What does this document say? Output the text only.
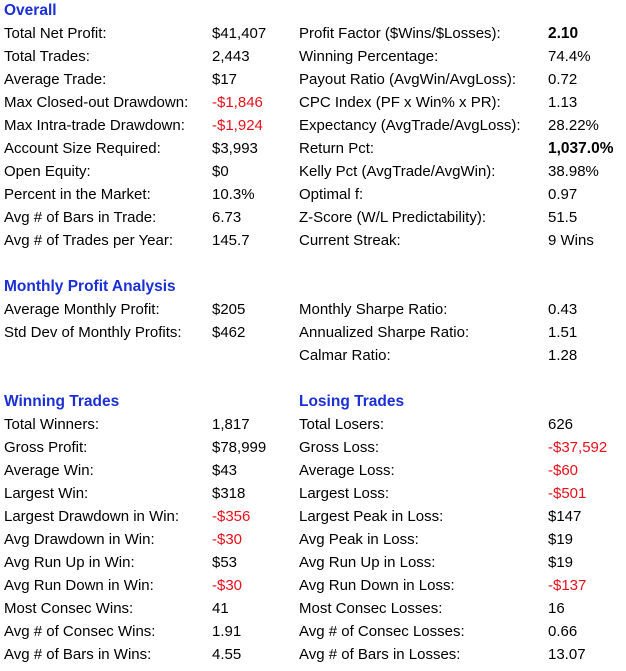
Overall
Total Net Profit:	$41,407 Profit Factor ($Wins/$Losses):	2.10
Total Trades:	2,443	Winning Percentage:	74.4%
Average Trade:	$17	Payout Ratio (AvgWin/AvgLoss): 0.72
Max Closed-out Drawdown: -$1,846 CPC Index (PF x Win% x PR):	1.13
Max Intra-trade Drawdown: -$1,924 Expectancy (AvgTrade/AvgLoss): 28.22%
Account Size Required:	$3,993	Return Pct:	1,037.0%
Open Equity:	$0	Kelly Pct (AvgTrade/AvgWin):	38.98%
Percent in the Market:	10.3%	Optimal f:	0.97
Avg # of Bars in Trade:	6.73	Z-Score (W/L Predictability):	51.5
Avg # of Trades per Year:	145.7	Current Streak:	9 Wins
Monthly Profit Analysis
Average Monthly Profit:	$205	Monthly Sharpe Ratio:	0.43
Std Dev of Monthly Profits: $462	Annualized Sharpe Ratio:	1.51
Calmar Ratio:	1.28
Winning Trades	Losing Trades
Total Winners:	1,817	Total Losers:	626
Gross Profit:	$78,999 Gross Loss:	-$37,592
Average Win:	$43	Average Loss:	-$60
Largest Win:	$318	Largest Loss:	-$501
Largest Drawdown in Win: -$356	Largest Peak in Loss:	$147
Avg Drawdown in Win:	-$30	Avg Peak in Loss:	$19
Avg Run Up in Win:	$53	Avg Run Up in Loss:	$19
Avg Run Down in Win:	-$30	Avg Run Down in Loss:	-$137
Most Consec Wins:	41	Most Consec Losses:	16
Avg # of Consec Wins:	1.91	Avg # of Consec Losses:	0.66
Avg # of Bars in Wins:	4.55	Avg # of Bars in Losses:	13.07
